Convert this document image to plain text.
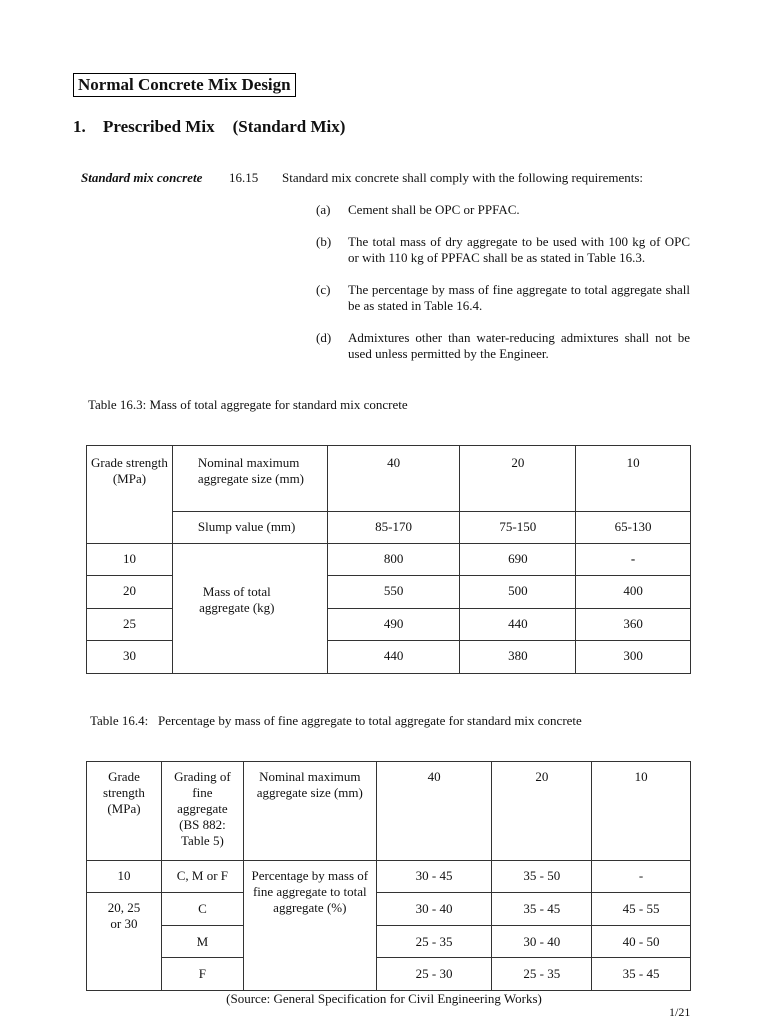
Normal Concrete Mix Design
1. Prescribed Mix (Standard Mix)
Standard mix concrete 16.15 Standard mix concrete shall comply with the following requirements:
(a) Cement shall be OPC or PPFAC.
(b) The total mass of dry aggregate to be used with 100 kg of OPC or with 110 kg of PPFAC shall be as stated in Table 16.3.
(c) The percentage by mass of fine aggregate to total aggregate shall be as stated in Table 16.4.
(d) Admixtures other than water-reducing admixtures shall not be used unless permitted by the Engineer.
Table 16.3: Mass of total aggregate for standard mix concrete
Grade strength (MPa)	Nominal maximum aggregate size (mm)	40	20	10
	Slump value (mm)	85-170	75-150	65-130
10	Mass of total aggregate (kg)	800	690	-
20		550	500	400
25		490	440	360
30		440	380	300
Table 16.4:   Percentage by mass of fine aggregate to total aggregate for standard mix concrete
Grade strength (MPa)	Grading of fine aggregate (BS 882: Table 5)	Nominal maximum aggregate size (mm)	40	20	10
10	C, M or F	Percentage by mass of fine aggregate to total aggregate (%)	30 - 45	35 - 50	-
20, 25 or 30	C		30 - 40	35 - 45	45 - 55
	M		25 - 35	30 - 40	40 - 50
	F		25 - 30	25 - 35	35 - 45
(Source: General Specification for Civil Engineering Works)
1/21
